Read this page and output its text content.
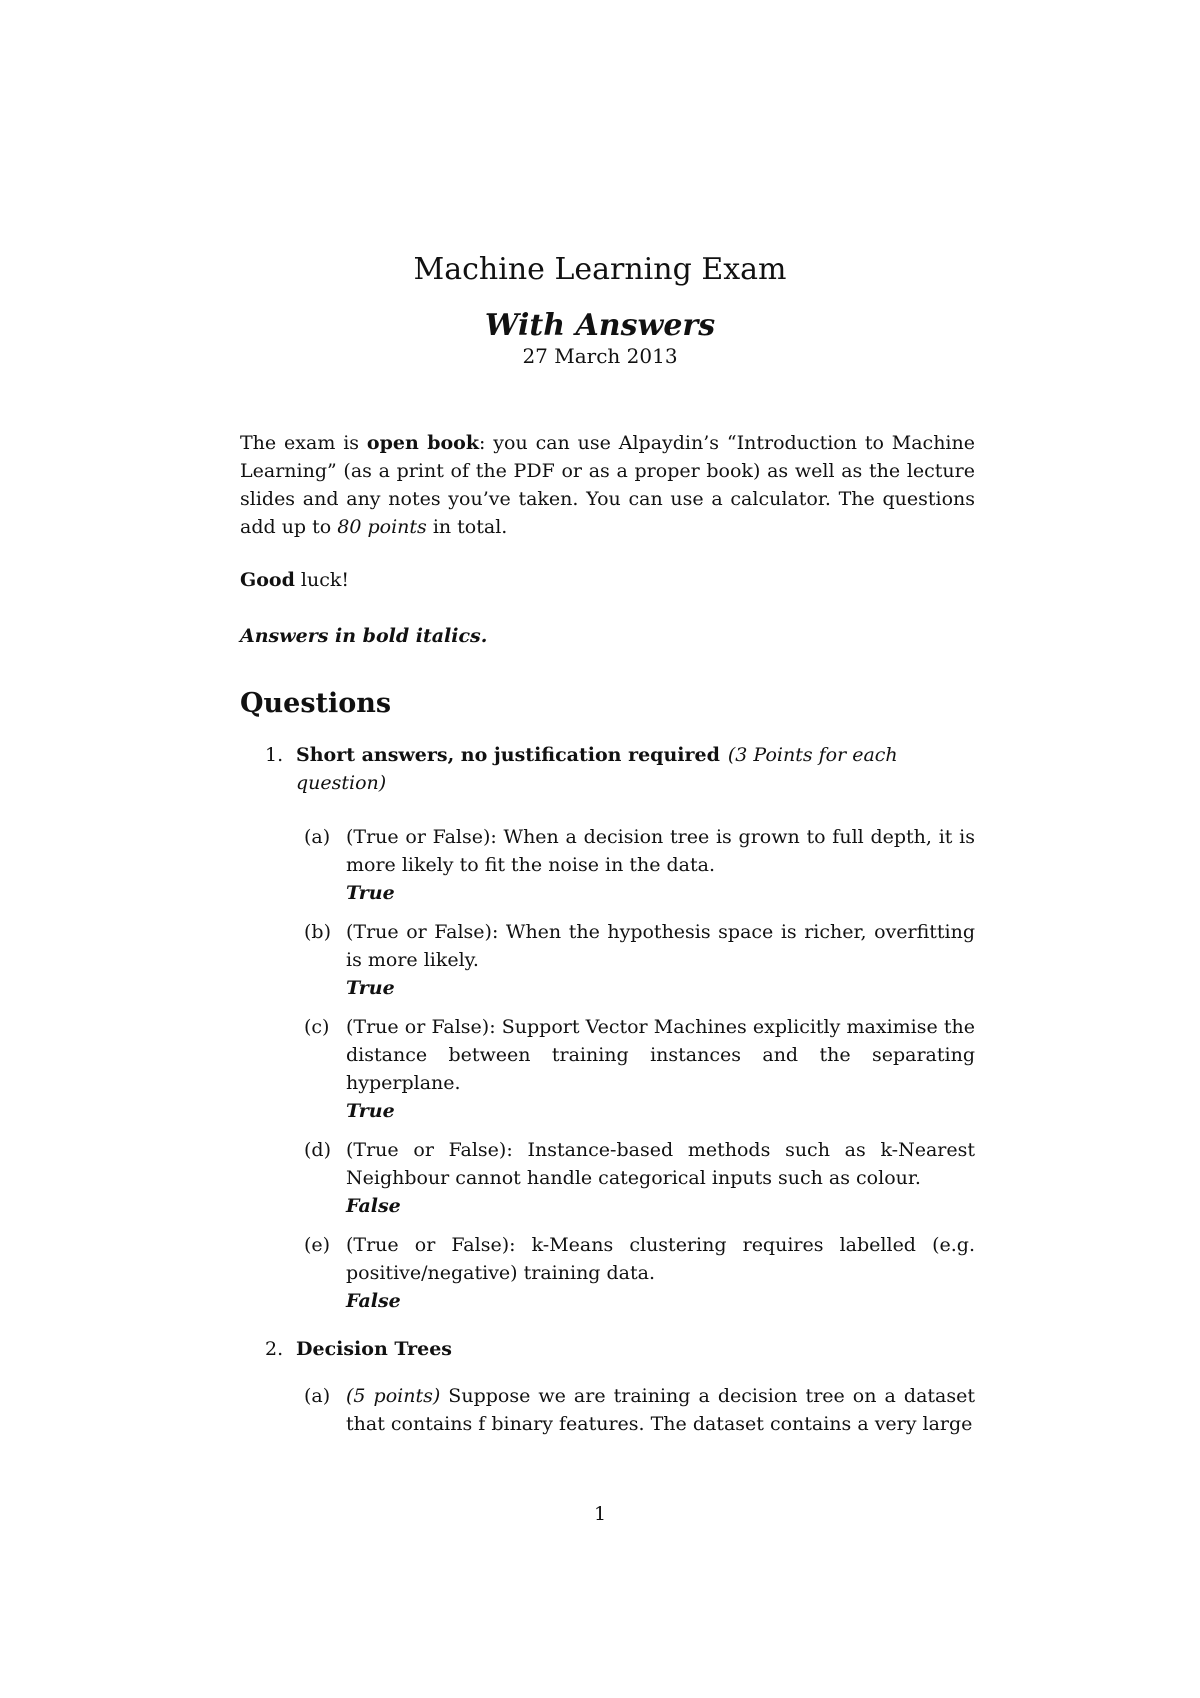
Machine Learning Exam
With Answers
27 March 2013
The exam is open book: you can use Alpaydin’s “Introduction to Machine Learning” (as a print of the PDF or as a proper book) as well as the lecture slides and any notes you’ve taken. You can use a calculator. The questions add up to 80 points in total.
Good luck!
Answers in bold italics.
Questions
1. Short answers, no justification required (3 Points for each question)
(a) (True or False): When a decision tree is grown to full depth, it is more likely to fit the noise in the data.
True
(b) (True or False): When the hypothesis space is richer, overfitting is more likely.
True
(c) (True or False): Support Vector Machines explicitly maximise the distance between training instances and the separating hyperplane.
True
(d) (True or False): Instance-based methods such as k-Nearest Neighbour cannot handle categorical inputs such as colour.
False
(e) (True or False): k-Means clustering requires labelled (e.g. positive/negative) training data.
False
2. Decision Trees
(a) (5 points) Suppose we are training a decision tree on a dataset that contains f binary features. The dataset contains a very large
1
